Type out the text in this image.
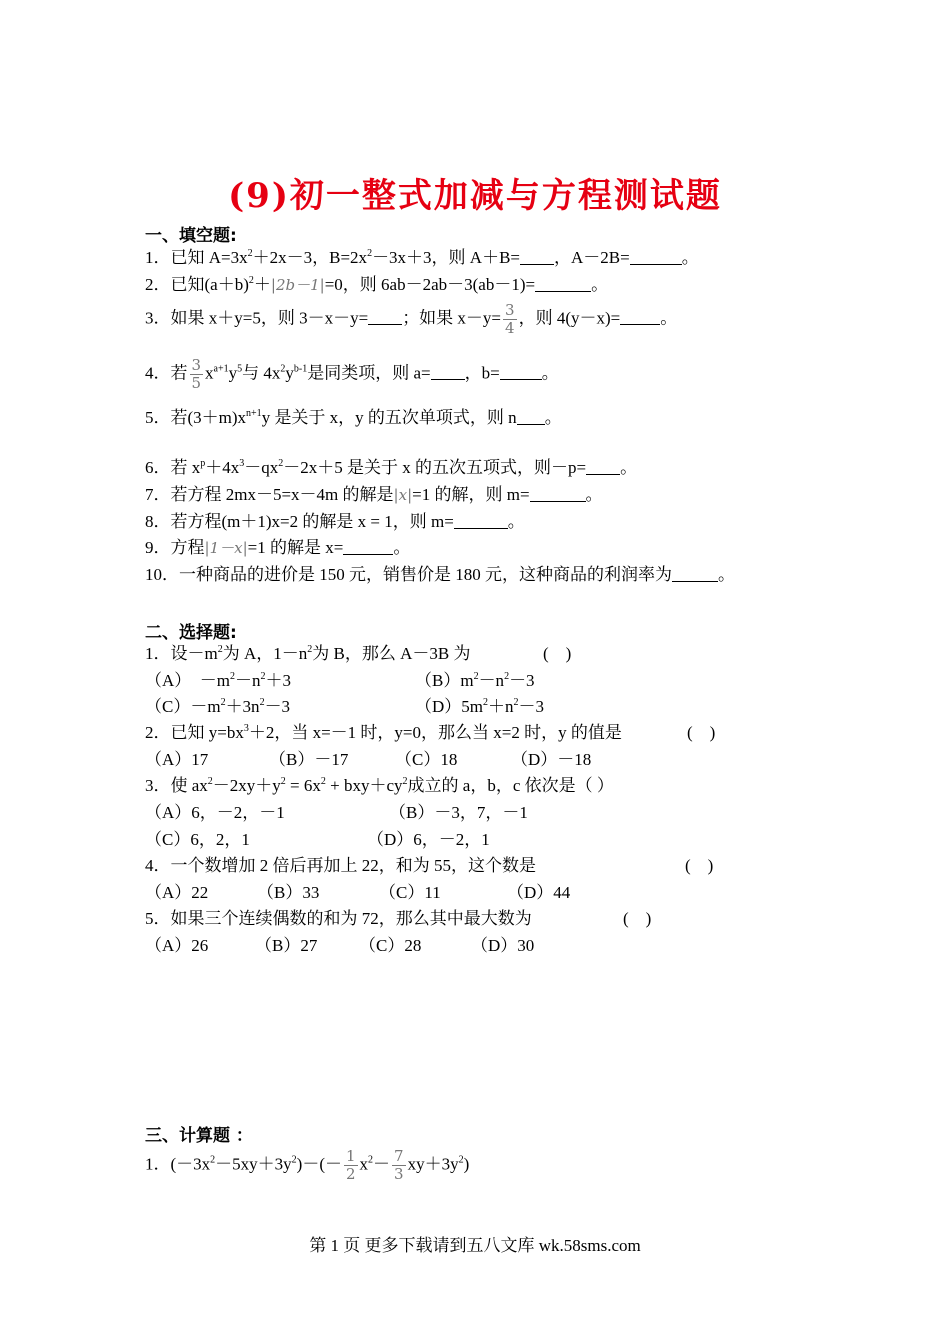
(9)初一整式加减与方程测试题

一、填空题:

1．已知 $A=3x^2+2x-3$，$B=2x^2-3x+3$，则 A＋B= ，A－2B=	。

2．已知$(a+b)^2+|2b-1|=0$，则 6ab－2ab－3(ab－1)=	。

3．如果 x＋y=5，则 3－x－y= ；如果 $x-y= \frac{3}{4}$ ，则 4(y－x)= 。

4．若 $\frac{3}{5} x^{a+1}y^5$与 $4x^2y^{b-1}$是同类项，则 a= ，b= 。

5．若$(3+m)x^{n+1}y$ 是关于 x，y 的五次单项式，则 n 。

6．若 $x^p+4x^3-qx^2-2x+5$ 是关于 x 的五次五项式，则－p= 。

7．若方程 2mx－5=x－4m 的解是|x|=1 的解，则 m=	。

8．若方程(m＋1)x=2 的解是 x = 1，则 m=	。

9．方程|1－x|=1 的解是 x=	。

10．一种商品的进价是 150 元，销售价是 180 元，这种商品的利润率为	。

二、选择题:

1．设$-m^2$为 A，$1-n^2$为 B，那么 A－3B 为	(　)
（A）　$-m^2-n^2+3$	$(B)m^2-n^2-3$
$(C)-m^2+3n^2-3$	$(D)5m^2+n^2-3$
2．已知 $y=bx^3+2$，当 x=－1 时，y=0，那么当 x=2 时，y 的值是	(　)
（A）17	（B）－17	（C）18	（D）－18
3．使 $ax^2-2xy+y^2 = 6x^2 + bxy+cy^2$成立的 a，b，c 依次是（ ）
（A）6，－2，－1	（B）－3，7，－1
（C）6，2，1	（D）6，－2，1
4．一个数增加 2 倍后再加上 22，和为 55，这个数是	(　)
（A）22	（B）33	（C）11	（D）44
5．如果三个连续偶数的和为 72，那么其中最大数为	(　)
（A）26	（B）27 （C）28	（D）30

三、计算题 ：

1．$(-3x^2-5xy+3y^2)-(- \frac{1}{2} x^2- \frac{7}{3} xy+3y^2)$

第 1 页 更多下载请到五八文库 wk.58sms.com
